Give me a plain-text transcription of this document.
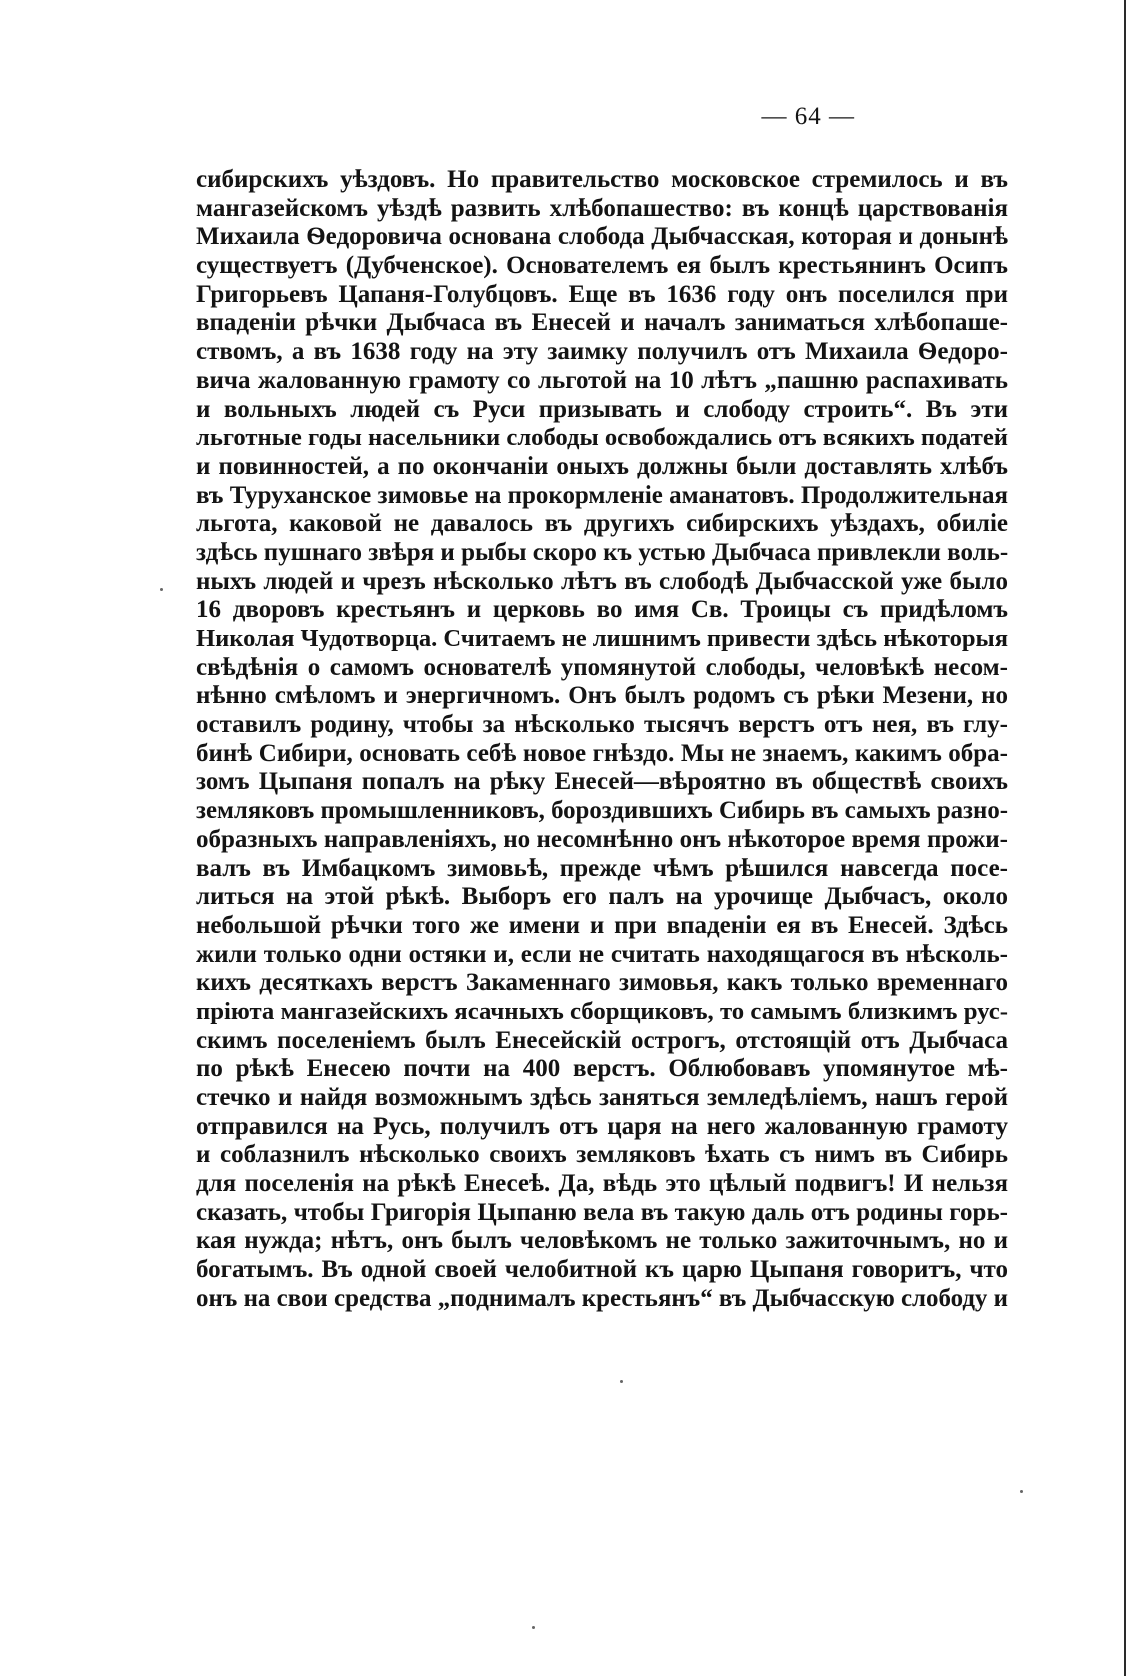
— 64 —
сибирскихъ уѣздовъ. Но правительство московское стремилось и въ
мангазейскомъ уѣздѣ развить хлѣбопашество: въ концѣ царствованія
Михаила Ѳедоровича основана слобода Дыбчасская, которая и донынѣ
существуетъ (Дубченское). Основателемъ ея былъ крестьянинъ Осипъ
Григорьевъ Цапаня-Голубцовъ. Еще въ 1636 году онъ поселился при
впаденіи рѣчки Дыбчаса въ Енесей и началъ заниматься хлѣбопаше-
ствомъ, а въ 1638 году на эту заимку получилъ отъ Михаила Ѳедоро-
вича жалованную грамоту со льготой на 10 лѣтъ „пашню распахивать
и вольныхъ людей съ Руси призывать и слободу строить“. Въ эти
льготные годы насельники слободы освобождались отъ всякихъ податей
и повинностей, а по окончаніи оныхъ должны были доставлять хлѣбъ
въ Туруханское зимовье на прокормленіе аманатовъ. Продолжительная
льгота, каковой не давалось въ другихъ сибирскихъ уѣздахъ, обиліе
здѣсь пушнаго звѣря и рыбы скоро къ устью Дыбчаса привлекли воль-
ныхъ людей и чрезъ нѣсколько лѣтъ въ слободѣ Дыбчасской уже было
16 дворовъ крестьянъ и церковь во имя Св. Троицы съ придѣломъ
Николая Чудотворца. Считаемъ не лишнимъ привести здѣсь нѣкоторыя
свѣдѣнія о самомъ основателѣ упомянутой слободы, человѣкѣ несом-
нѣнно смѣломъ и энергичномъ. Онъ былъ родомъ съ рѣки Мезени, но
оставилъ родину, чтобы за нѣсколько тысячъ верстъ отъ нея, въ глу-
бинѣ Сибири, основать себѣ новое гнѣздо. Мы не знаемъ, какимъ обра-
зомъ Цыпаня попалъ на рѣку Енесей—вѣроятно въ обществѣ своихъ
земляковъ промышленниковъ, бороздившихъ Сибирь въ самыхъ разно-
образныхъ направленіяхъ, но несомнѣнно онъ нѣкоторое время прожи-
валъ въ Имбацкомъ зимовьѣ, прежде чѣмъ рѣшился навсегда посе-
литься на этой рѣкѣ. Выборъ его палъ на урочище Дыбчасъ, около
небольшой рѣчки того же имени и при впаденіи ея въ Енесей. Здѣсь
жили только одни остяки и, если не считать находящагося въ нѣсколь-
кихъ десяткахъ верстъ Закаменнаго зимовья, какъ только временнаго
пріюта мангазейскихъ ясачныхъ сборщиковъ, то самымъ близкимъ рус-
скимъ поселеніемъ былъ Енесейскій острогъ, отстоящій отъ Дыбчаса
по рѣкѣ Енесею почти на 400 верстъ. Облюбовавъ упомянутое мѣ-
стечко и найдя возможнымъ здѣсь заняться земледѣліемъ, нашъ герой
отправился на Русь, получилъ отъ царя на него жалованную грамоту
и соблазнилъ нѣсколько своихъ земляковъ ѣхать съ нимъ въ Сибирь
для поселенія на рѣкѣ Енесеѣ. Да, вѣдь это цѣлый подвигъ! И нельзя
сказать, чтобы Григорія Цыпаню вела въ такую даль отъ родины горь-
кая нужда; нѣтъ, онъ былъ человѣкомъ не только зажиточнымъ, но и
богатымъ. Въ одной своей челобитной къ царю Цыпаня говоритъ, что
онъ на свои средства „поднималъ крестьянъ“ въ Дыбчасскую слободу и
